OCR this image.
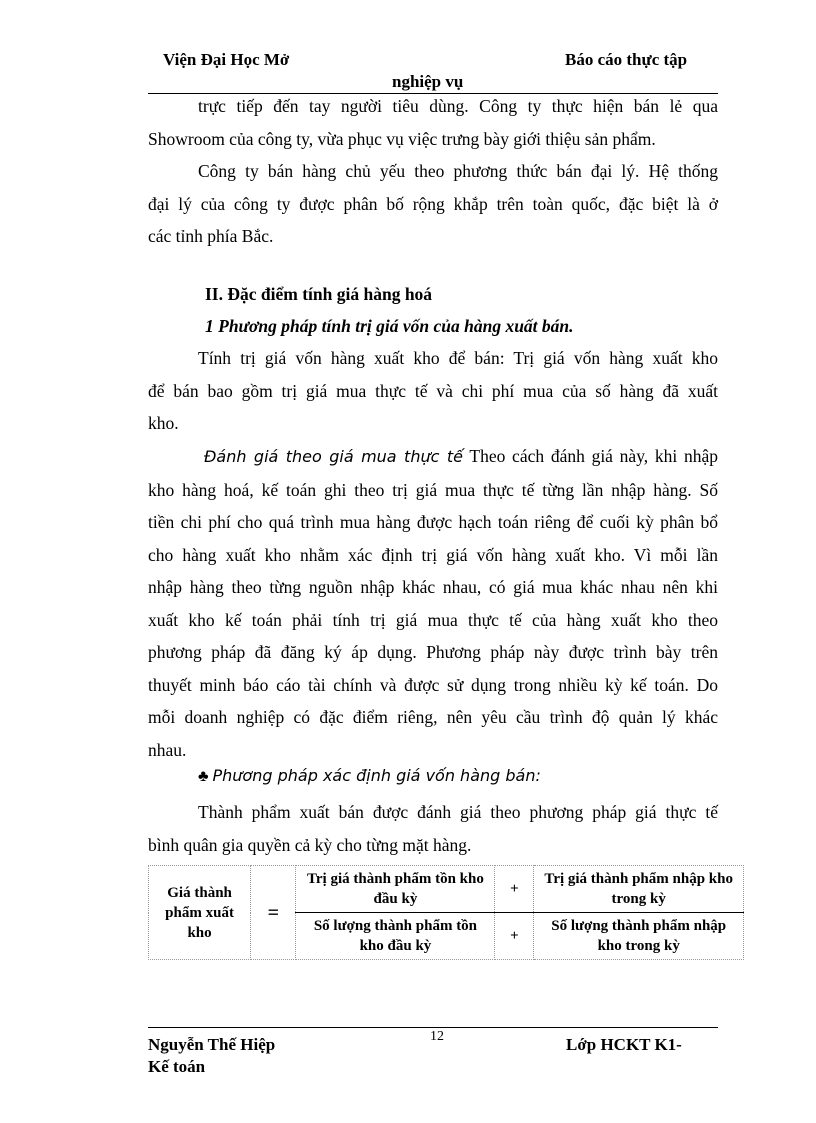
Viện Đại Học Mở	Báo cáo thực tập
nghiệp vụ
trực tiếp đến tay người tiêu dùng. Công ty thực hiện bán lẻ qua
Showroom của công ty, vừa phục vụ việc trưng bày giới thiệu sản phẩm.
Công ty bán hàng chủ yếu theo phương thức bán đại lý. Hệ thống
đại lý của công ty được phân bố rộng khắp trên toàn quốc, đặc biệt là ở
các tỉnh phía Bắc.
II. Đặc điểm tính giá hàng hoá
1 Phương pháp tính trị giá vốn của hàng xuất bán.
Tính trị giá vốn hàng xuất kho để bán: Trị giá vốn hàng xuất kho
để bán bao gồm trị giá mua thực tế và chi phí mua của số hàng đã xuất
kho.
Đánh giá theo giá mua thực tế Theo cách đánh giá này, khi nhập
kho hàng hoá, kế toán ghi theo trị giá mua thực tế từng lần nhập hàng. Số
tiền chi phí cho quá trình mua hàng được hạch toán riêng để cuối kỳ phân bổ
cho hàng xuất kho nhằm xác định trị giá vốn hàng xuất kho. Vì mỗi lần
nhập hàng theo từng nguồn nhập khác nhau, có giá mua khác nhau nên khi
xuất kho kế toán phải tính trị giá mua thực tế của hàng xuất kho theo
phương pháp đã đăng ký áp dụng. Phương pháp này được trình bày trên
thuyết minh báo cáo tài chính và được sử dụng trong nhiều kỳ kế toán. Do
mỗi doanh nghiệp có đặc điểm riêng, nên yêu cầu trình độ quản lý khác
nhau.
♣ Phương pháp xác định giá vốn hàng bán:
Thành phẩm xuất bán được đánh giá theo phương pháp giá thực tế
bình quân gia quyền cả kỳ cho từng mặt hàng.
Giá thành phẩm xuất kho	=	Trị giá thành phẩm tồn kho đầu kỳ	+	Trị giá thành phẩm nhập kho trong kỳ
		Số lượng thành phẩm tồn kho đầu kỳ	+	Số lượng thành phẩm nhập kho trong kỳ
12
Nguyễn Thế Hiệp
Kế toán
Lớp HCKT K1-
